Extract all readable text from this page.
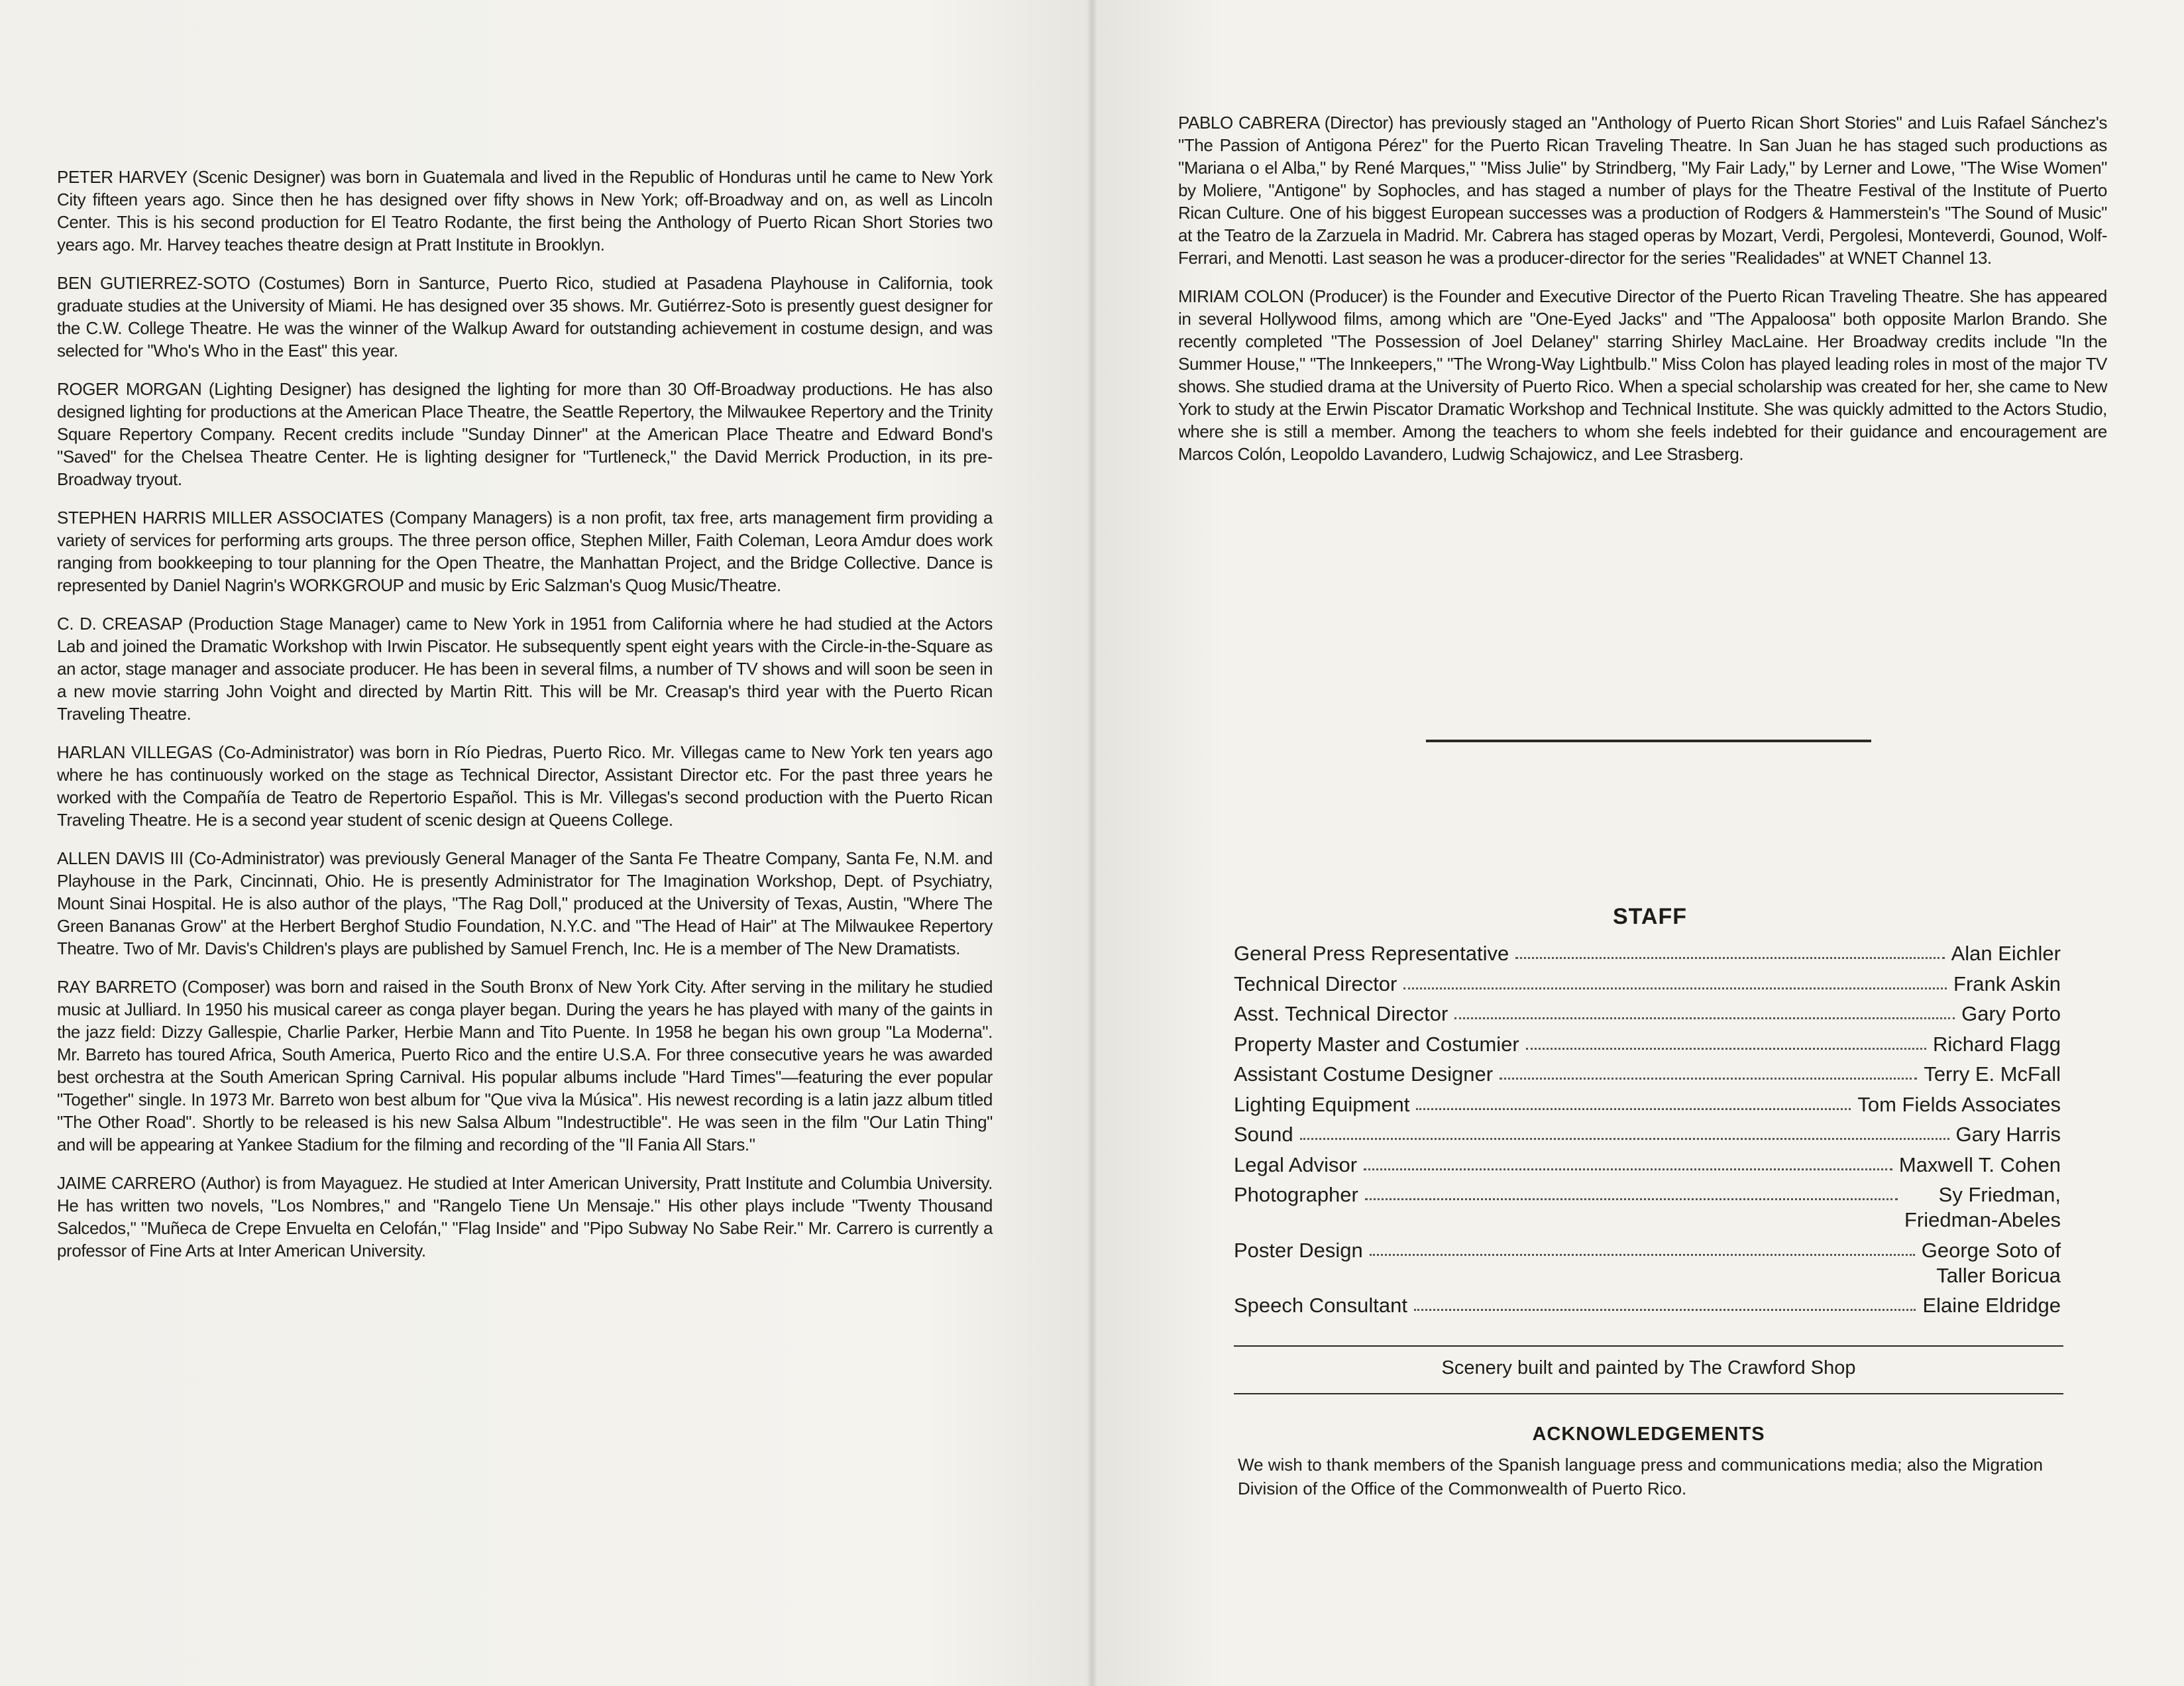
PETER HARVEY (Scenic Designer) was born in Guatemala and lived in the Republic of Honduras until he came to New York City fifteen years ago. Since then he has designed over fifty shows in New York; off-Broadway and on, as well as Lincoln Center. This is his second production for El Teatro Rodante, the first being the Anthology of Puerto Rican Short Stories two years ago. Mr. Harvey teaches theatre design at Pratt Institute in Brooklyn.

BEN GUTIERREZ-SOTO (Costumes) Born in Santurce, Puerto Rico, studied at Pasadena Playhouse in California, took graduate studies at the University of Miami. He has designed over 35 shows. Mr. Gutiérrez-Soto is presently guest designer for the C.W. College Theatre. He was the winner of the Walkup Award for outstanding achievement in costume design, and was selected for "Who's Who in the East" this year.

ROGER MORGAN (Lighting Designer) has designed the lighting for more than 30 Off-Broadway productions. He has also designed lighting for productions at the American Place Theatre, the Seattle Repertory, the Milwaukee Repertory and the Trinity Square Repertory Company. Recent credits include "Sunday Dinner" at the American Place Theatre and Edward Bond's "Saved" for the Chelsea Theatre Center. He is lighting designer for "Turtleneck," the David Merrick Production, in its pre-Broadway tryout.

STEPHEN HARRIS MILLER ASSOCIATES (Company Managers) is a non profit, tax free, arts management firm providing a variety of services for performing arts groups. The three person office, Stephen Miller, Faith Coleman, Leora Amdur does work ranging from bookkeeping to tour planning for the Open Theatre, the Manhattan Project, and the Bridge Collective. Dance is represented by Daniel Nagrin's WORKGROUP and music by Eric Salzman's Quog Music/Theatre.

C. D. CREASAP (Production Stage Manager) came to New York in 1951 from California where he had studied at the Actors Lab and joined the Dramatic Workshop with Irwin Piscator. He subsequently spent eight years with the Circle-in-the-Square as an actor, stage manager and associate producer. He has been in several films, a number of TV shows and will soon be seen in a new movie starring John Voight and directed by Martin Ritt. This will be Mr. Creasap's third year with the Puerto Rican Traveling Theatre.

HARLAN VILLEGAS (Co-Administrator) was born in Río Piedras, Puerto Rico. Mr. Villegas came to New York ten years ago where he has continuously worked on the stage as Technical Director, Assistant Director etc. For the past three years he worked with the Compañía de Teatro de Repertorio Español. This is Mr. Villegas's second production with the Puerto Rican Traveling Theatre. He is a second year student of scenic design at Queens College.

ALLEN DAVIS III (Co-Administrator) was previously General Manager of the Santa Fe Theatre Company, Santa Fe, N.M. and Playhouse in the Park, Cincinnati, Ohio. He is presently Administrator for The Imagination Workshop, Dept. of Psychiatry, Mount Sinai Hospital. He is also author of the plays, "The Rag Doll," produced at the University of Texas, Austin, "Where The Green Bananas Grow" at the Herbert Berghof Studio Foundation, N.Y.C. and "The Head of Hair" at The Milwaukee Repertory Theatre. Two of Mr. Davis's Children's plays are published by Samuel French, Inc. He is a member of The New Dramatists.

RAY BARRETO (Composer) was born and raised in the South Bronx of New York City. After serving in the military he studied music at Julliard. In 1950 his musical career as conga player began. During the years he has played with many of the gaints in the jazz field: Dizzy Gallespie, Charlie Parker, Herbie Mann and Tito Puente. In 1958 he began his own group "La Moderna". Mr. Barreto has toured Africa, South America, Puerto Rico and the entire U.S.A. For three consecutive years he was awarded best orchestra at the South American Spring Carnival. His popular albums include "Hard Times"—featuring the ever popular "Together" single. In 1973 Mr. Barreto won best album for "Que viva la Música". His newest recording is a latin jazz album titled "The Other Road". Shortly to be released is his new Salsa Album "Indestructible". He was seen in the film "Our Latin Thing" and will be appearing at Yankee Stadium for the filming and recording of the "Il Fania All Stars."

JAIME CARRERO (Author) is from Mayaguez. He studied at Inter American University, Pratt Institute and Columbia University. He has written two novels, "Los Nombres," and "Rangelo Tiene Un Mensaje." His other plays include "Twenty Thousand Salcedos," "Muñeca de Crepe Envuelta en Celofán," "Flag Inside" and "Pipo Subway No Sabe Reir." Mr. Carrero is currently a professor of Fine Arts at Inter American University.

PABLO CABRERA (Director) has previously staged an "Anthology of Puerto Rican Short Stories" and Luis Rafael Sánchez's "The Passion of Antigona Pérez" for the Puerto Rican Traveling Theatre. In San Juan he has staged such productions as "Mariana o el Alba," by René Marques," "Miss Julie" by Strindberg, "My Fair Lady," by Lerner and Lowe, "The Wise Women" by Moliere, "Antigone" by Sophocles, and has staged a number of plays for the Theatre Festival of the Institute of Puerto Rican Culture. One of his biggest European successes was a production of Rodgers & Hammerstein's "The Sound of Music" at the Teatro de la Zarzuela in Madrid. Mr. Cabrera has staged operas by Mozart, Verdi, Pergolesi, Monteverdi, Gounod, Wolf-Ferrari, and Menotti. Last season he was a producer-director for the series "Realidades" at WNET Channel 13.

MIRIAM COLON (Producer) is the Founder and Executive Director of the Puerto Rican Traveling Theatre. She has appeared in several Hollywood films, among which are "One-Eyed Jacks" and "The Appaloosa" both opposite Marlon Brando. She recently completed "The Possession of Joel Delaney" starring Shirley MacLaine. Her Broadway credits include "In the Summer House," "The Innkeepers," "The Wrong-Way Lightbulb." Miss Colon has played leading roles in most of the major TV shows. She studied drama at the University of Puerto Rico. When a special scholarship was created for her, she came to New York to study at the Erwin Piscator Dramatic Workshop and Technical Institute. She was quickly admitted to the Actors Studio, where she is still a member. Among the teachers to whom she feels indebted for their guidance and encouragement are Marcos Colón, Leopoldo Lavandero, Ludwig Schajowicz, and Lee Strasberg.

STAFF
General Press Representative	Alan Eichler
Technical Director	Frank Askin
Asst. Technical Director	Gary Porto
Property Master and Costumier	Richard Flagg
Assistant Costume Designer	Terry E. McFall
Lighting Equipment	Tom Fields Associates
Sound	Gary Harris
Legal Advisor	Maxwell T. Cohen
Photographer	Sy Friedman,
Friedman-Abeles
Poster Design	George Soto of
Taller Boricua
Speech Consultant	Elaine Eldridge
Scenery built and painted by The Crawford Shop
ACKNOWLEDGEMENTS
We wish to thank members of the Spanish language press and communications media; also the Migration Division of the Office of the Commonwealth of Puerto Rico.
